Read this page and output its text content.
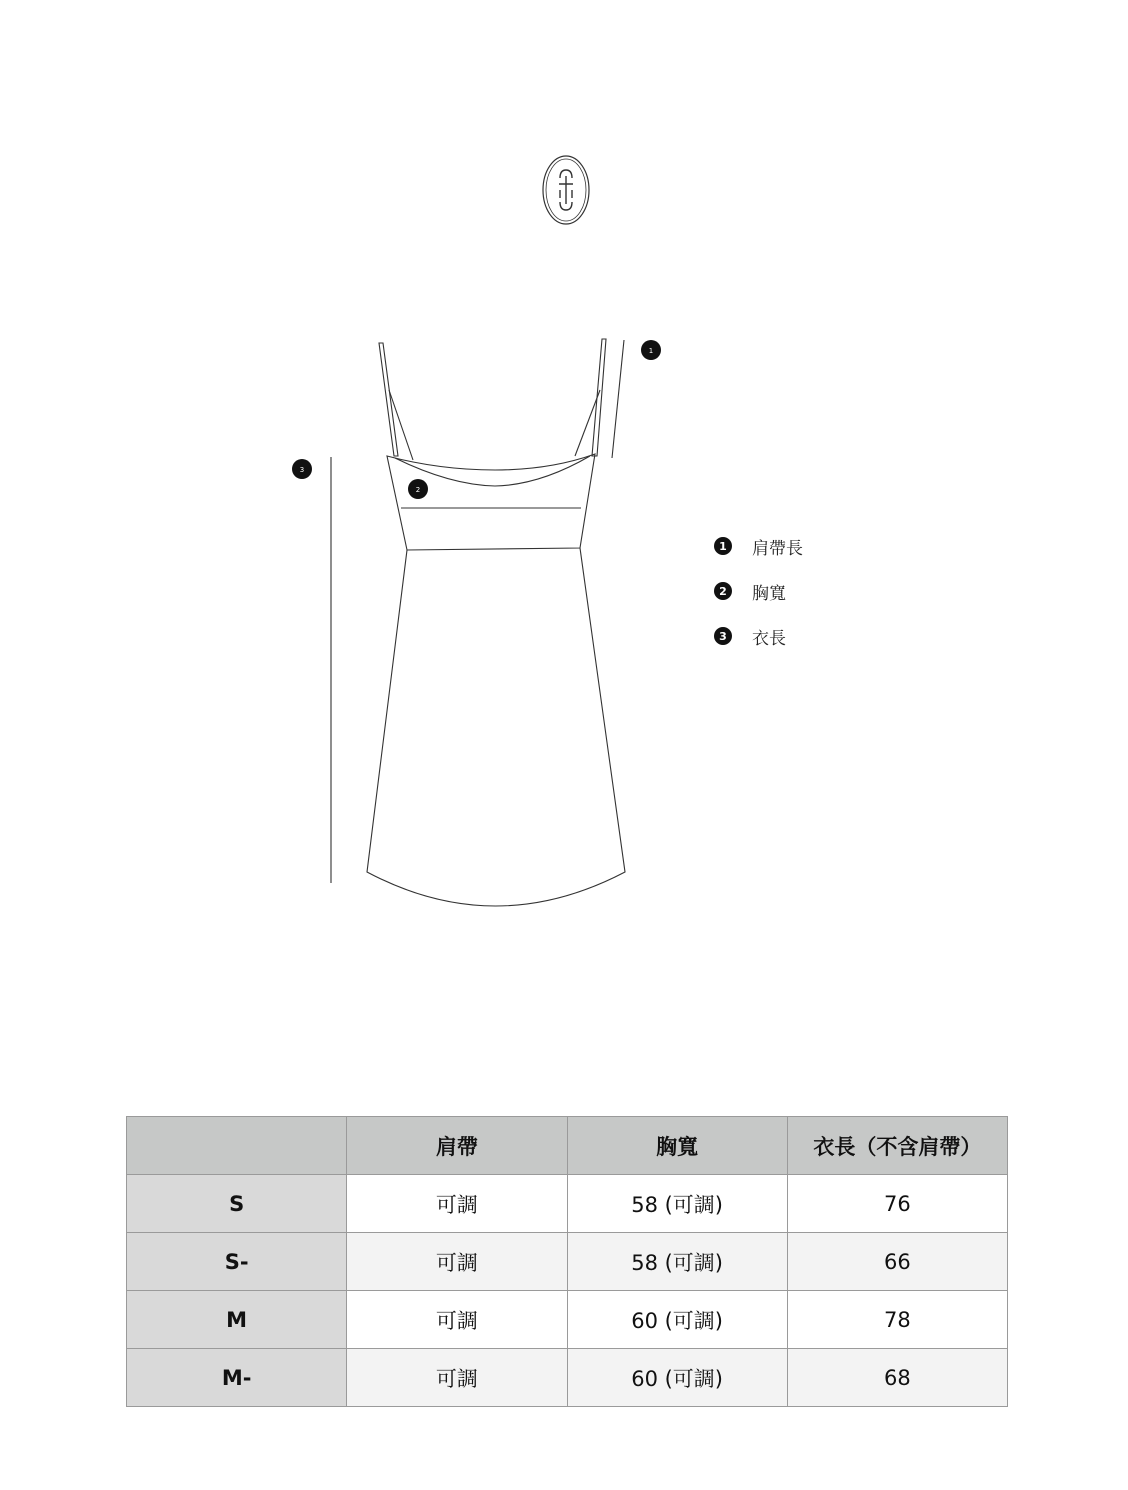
1
2
3
1	肩帶長
2	胸寬
3	衣長
	肩帶	胸寬	衣長（不含肩帶）
S	可調	58 (可調)	76
S-	可調	58 (可調)	66
M	可調	60 (可調)	78
M-	可調	60 (可調)	68
